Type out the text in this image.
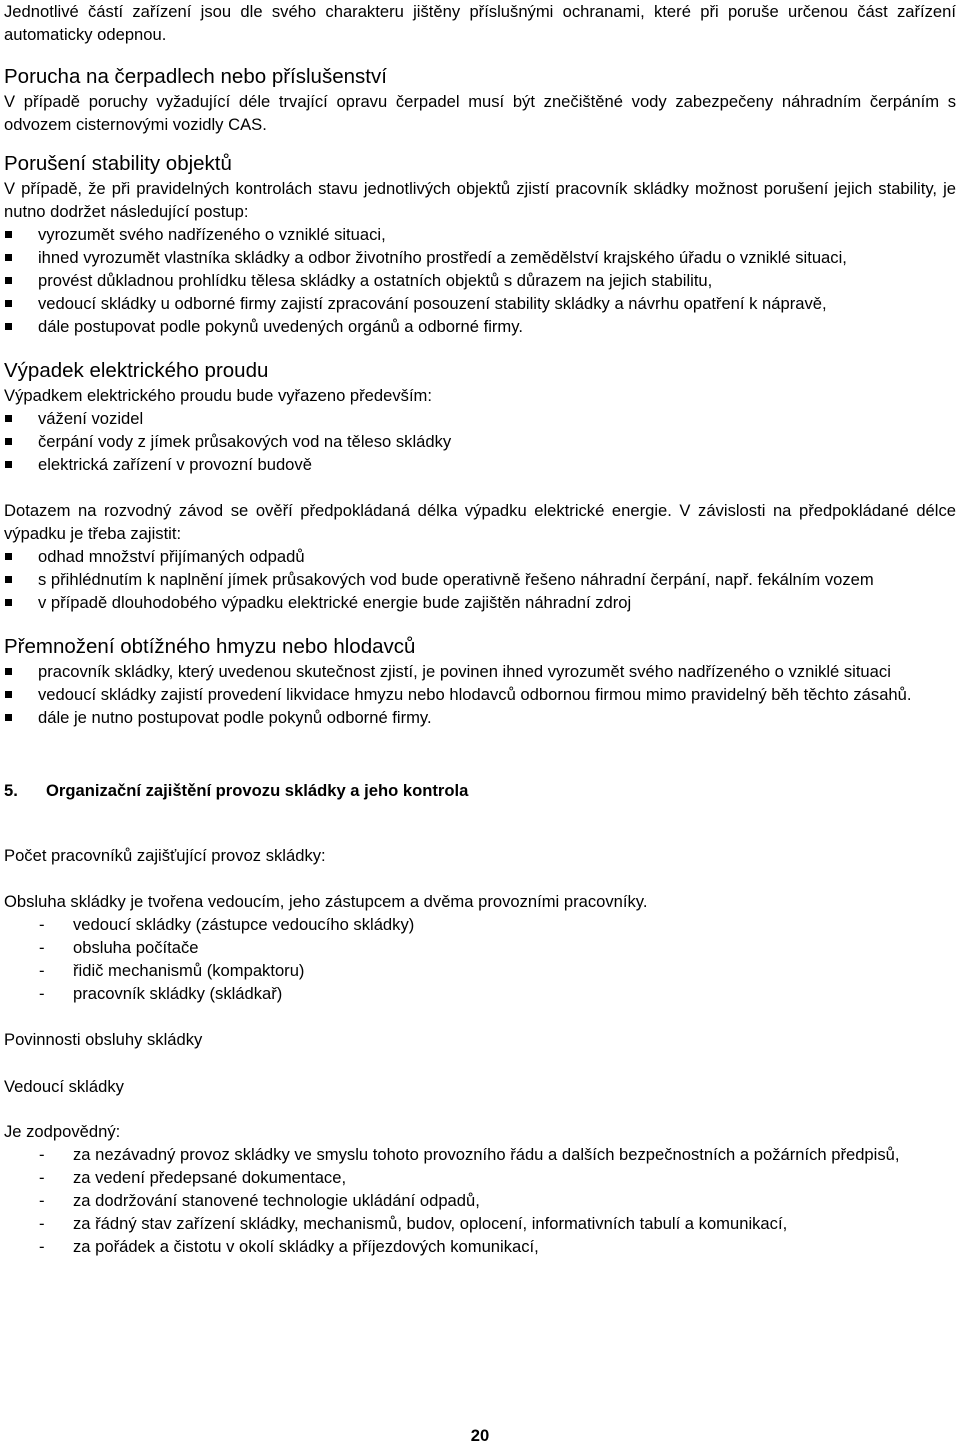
Jednotlivé částí zařízení jsou dle svého charakteru jištěny příslušnými ochranami, které při poruše určenou část zařízení automaticky odepnou.

Porucha na čerpadlech nebo příslušenství

V případě poruchy vyžadující déle trvající opravu čerpadel musí být znečištěné vody zabezpečeny náhradním čerpáním s odvozem cisternovými vozidly CAS.

Porušení stability objektů

V případě, že při pravidelných kontrolách stavu jednotlivých objektů zjistí pracovník skládky možnost porušení jejich stability, je nutno dodržet následující postup:

vyrozumět svého nadřízeného o vzniklé situaci,
ihned vyrozumět vlastníka skládky a odbor životního prostředí a zemědělství krajského úřadu o vzniklé situaci,
provést důkladnou prohlídku tělesa skládky a ostatních objektů s důrazem na jejich stabilitu,
vedoucí skládky u odborné firmy zajistí zpracování posouzení stability skládky a návrhu opatření k nápravě,
dále postupovat podle pokynů uvedených orgánů a odborné firmy.
Výpadek elektrického proudu

Výpadkem elektrického proudu bude vyřazeno především:

vážení vozidel
čerpání vody z jímek průsakových vod na těleso skládky
elektrická zařízení v provozní budově

Dotazem na rozvodný závod se ověří předpokládaná délka výpadku elektrické energie. V závislosti na předpokládané délce výpadku je třeba zajistit:

odhad množství přijímaných odpadů
s přihlédnutím k naplnění jímek průsakových vod bude operativně řešeno náhradní čerpání, např. fekálním vozem
v případě dlouhodobého výpadku elektrické energie bude zajištěn náhradní zdroj
Přemnožení obtížného hmyzu nebo hlodavců
pracovník skládky, který uvedenou skutečnost zjistí, je povinen ihned vyrozumět svého nadřízeného o vzniklé situaci
vedoucí skládky zajistí provedení likvidace hmyzu nebo hlodavců odbornou firmou mimo pravidelný běh těchto zásahů.
dále je nutno postupovat podle pokynů odborné firmy.

5. Organizační zajištění provozu skládky a jeho kontrola

Počet pracovníků zajišťující provoz skládky:

Obsluha skládky je tvořena vedoucím, jeho zástupcem a dvěma provozními pracovníky.

- vedoucí skládky (zástupce vedoucího skládky)
- obsluha počítače
- řidič mechanismů (kompaktoru)
- pracovník skládky (skládkař)

Povinnosti obsluhy skládky

Vedoucí skládky

Je zodpovědný:

- za nezávadný provoz skládky ve smyslu tohoto provozního řádu a dalších bezpečnostních a požárních předpisů,
- za vedení předepsané dokumentace,
- za dodržování stanovené technologie ukládání odpadů,
- za řádný stav zařízení skládky, mechanismů, budov, oplocení, informativních tabulí a komunikací,
- za pořádek a čistotu v okolí skládky a příjezdových komunikací,
20
